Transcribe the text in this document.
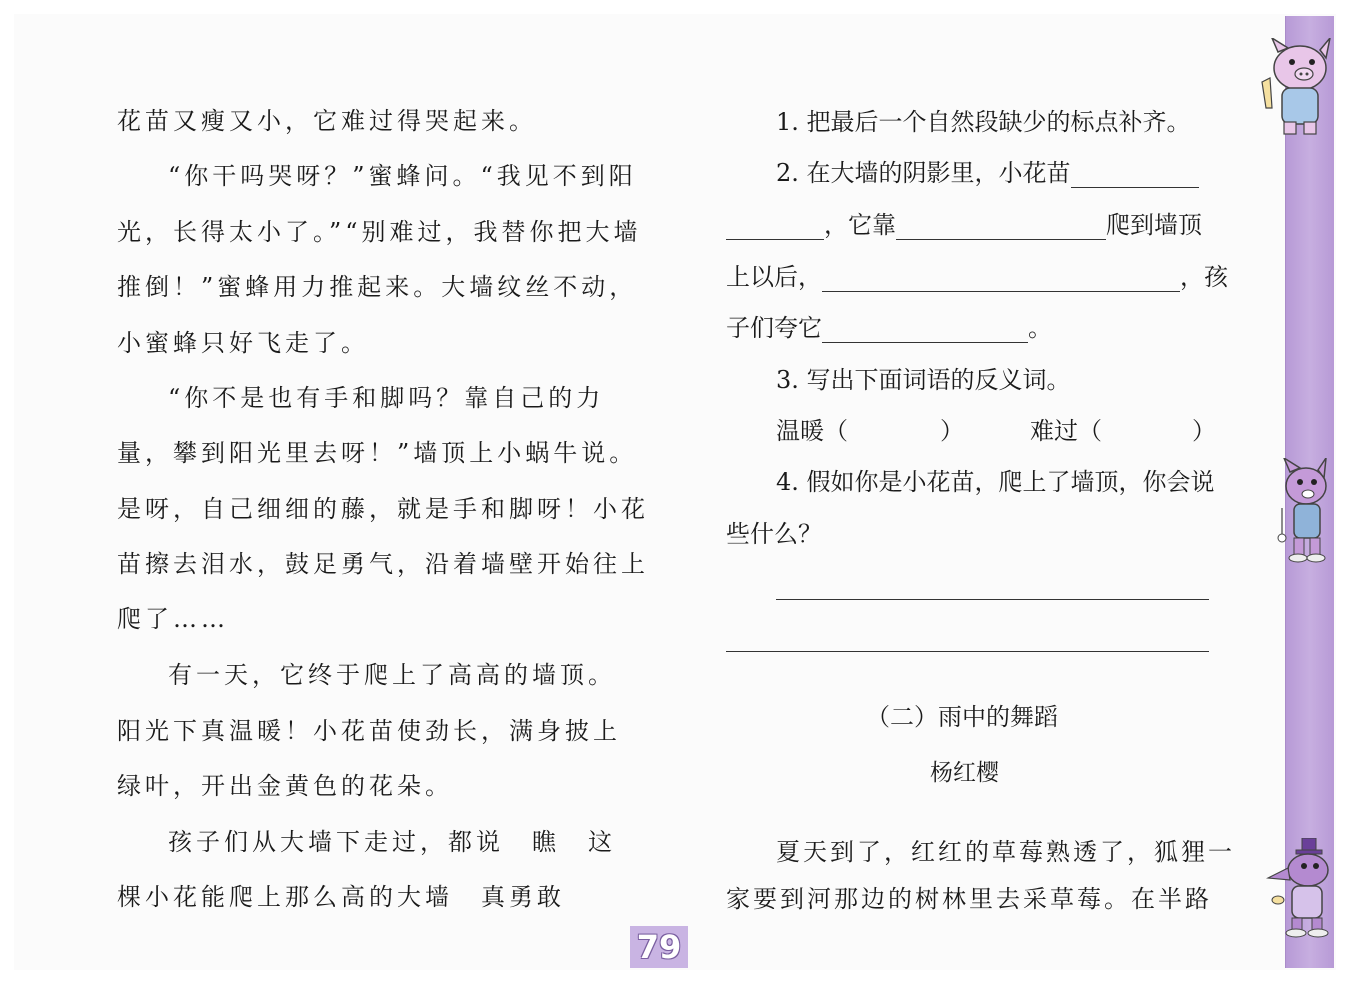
花苗又瘦又小，它难过得哭起来。
“你干吗哭呀？”蜜蜂问。“我见不到阳
光，长得太小了。”“别难过，我替你把大墙
推倒！”蜜蜂用力推起来。大墙纹丝不动，
小蜜蜂只好飞走了。
“你不是也有手和脚吗？靠自己的力
量，攀到阳光里去呀！”墙顶上小蜗牛说。
是呀，自己细细的藤，就是手和脚呀！小花
苗擦去泪水，鼓足勇气，沿着墙壁开始往上
爬了……
有一天，它终于爬上了高高的墙顶。
阳光下真温暖！小花苗使劲长，满身披上
绿叶，开出金黄色的花朵。
孩子们从大墙下走过，都说　瞧　这
棵小花能爬上那么高的大墙　真勇敢
1. 把最后一个自然段缺少的标点补齐。
2. 在大墙的阴影里，小花苗
，它靠	爬到墙顶
上以后，	，孩
子们夸它	。
3. 写出下面词语的反义词。
温暖（	）	难过（	）
4. 假如你是小花苗，爬上了墙顶，你会说
些什么？
（二）雨中的舞蹈
杨红樱
夏天到了，红红的草莓熟透了，狐狸一
家要到河那边的树林里去采草莓。在半路
79
